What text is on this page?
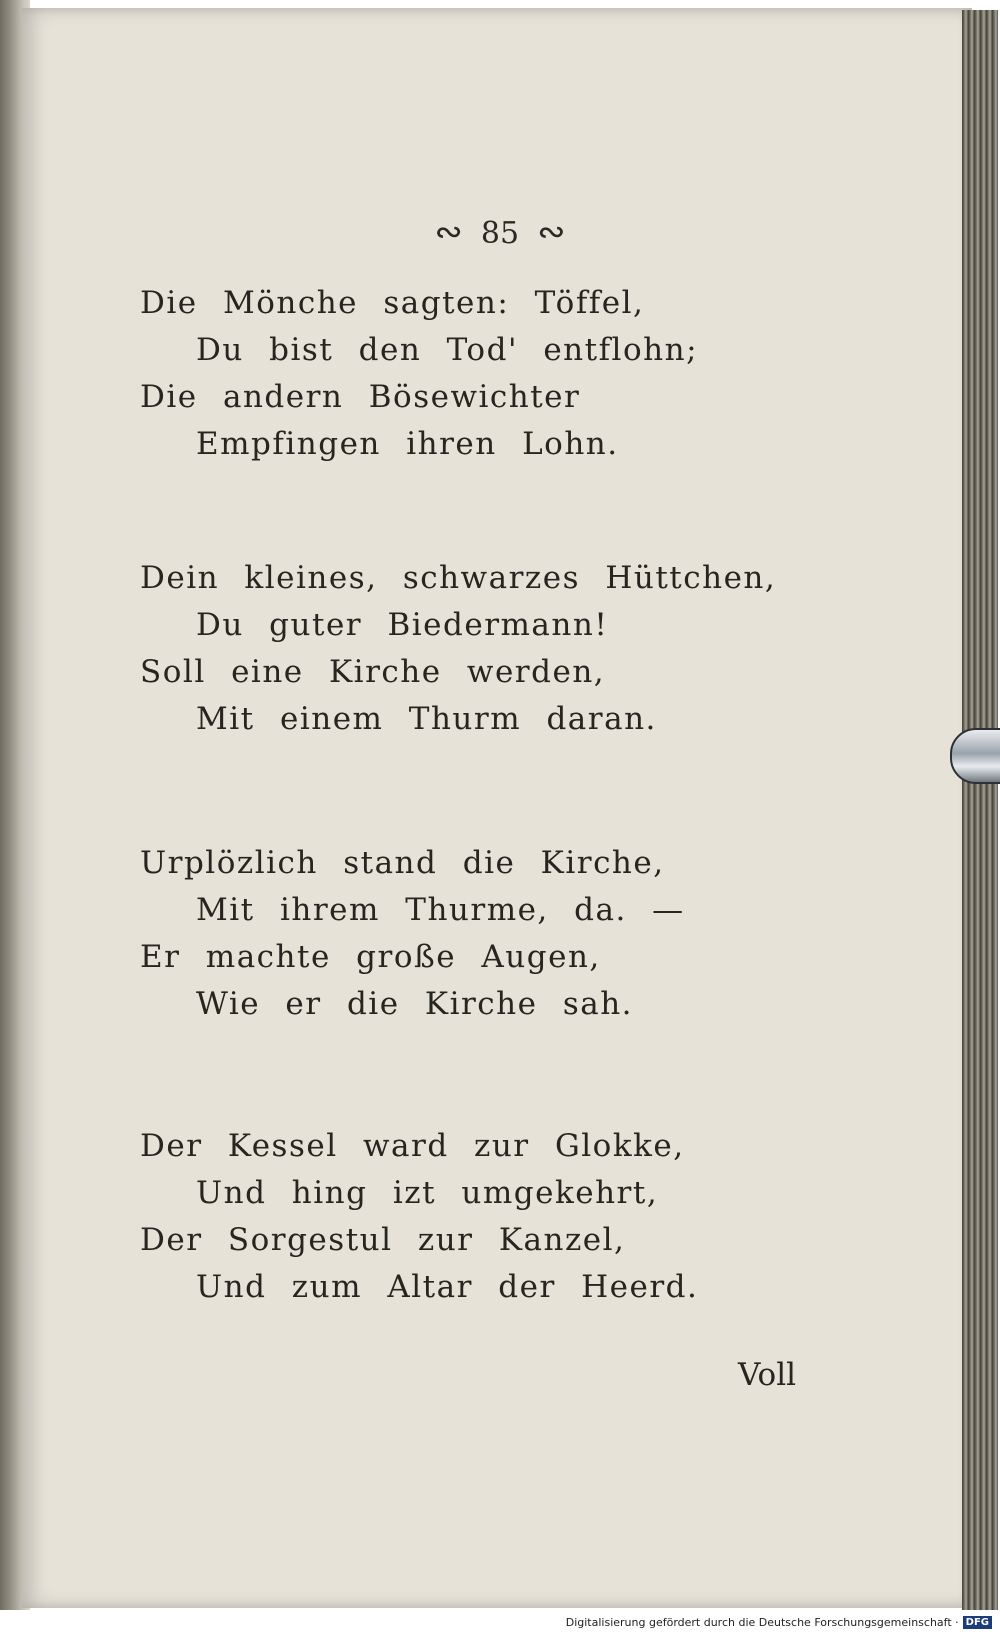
∾ 85 ∾
Die Mönche sagten: Töffel,
Du bist den Tod' entflohn;
Die andern Bösewichter
Empfingen ihren Lohn.
Dein kleines, schwarzes Hüttchen,
Du guter Biedermann!
Soll eine Kirche werden,
Mit einem Thurm daran.
Urplözlich stand die Kirche,
Mit ihrem Thurme, da. —
Er machte große Augen,
Wie er die Kirche sah.
Der Kessel ward zur Glokke,
Und hing izt umgekehrt,
Der Sorgestul zur Kanzel,
Und zum Altar der Heerd.
Voll
Digitalisierung gefördert durch die Deutsche Forschungsgemeinschaft · DFG
